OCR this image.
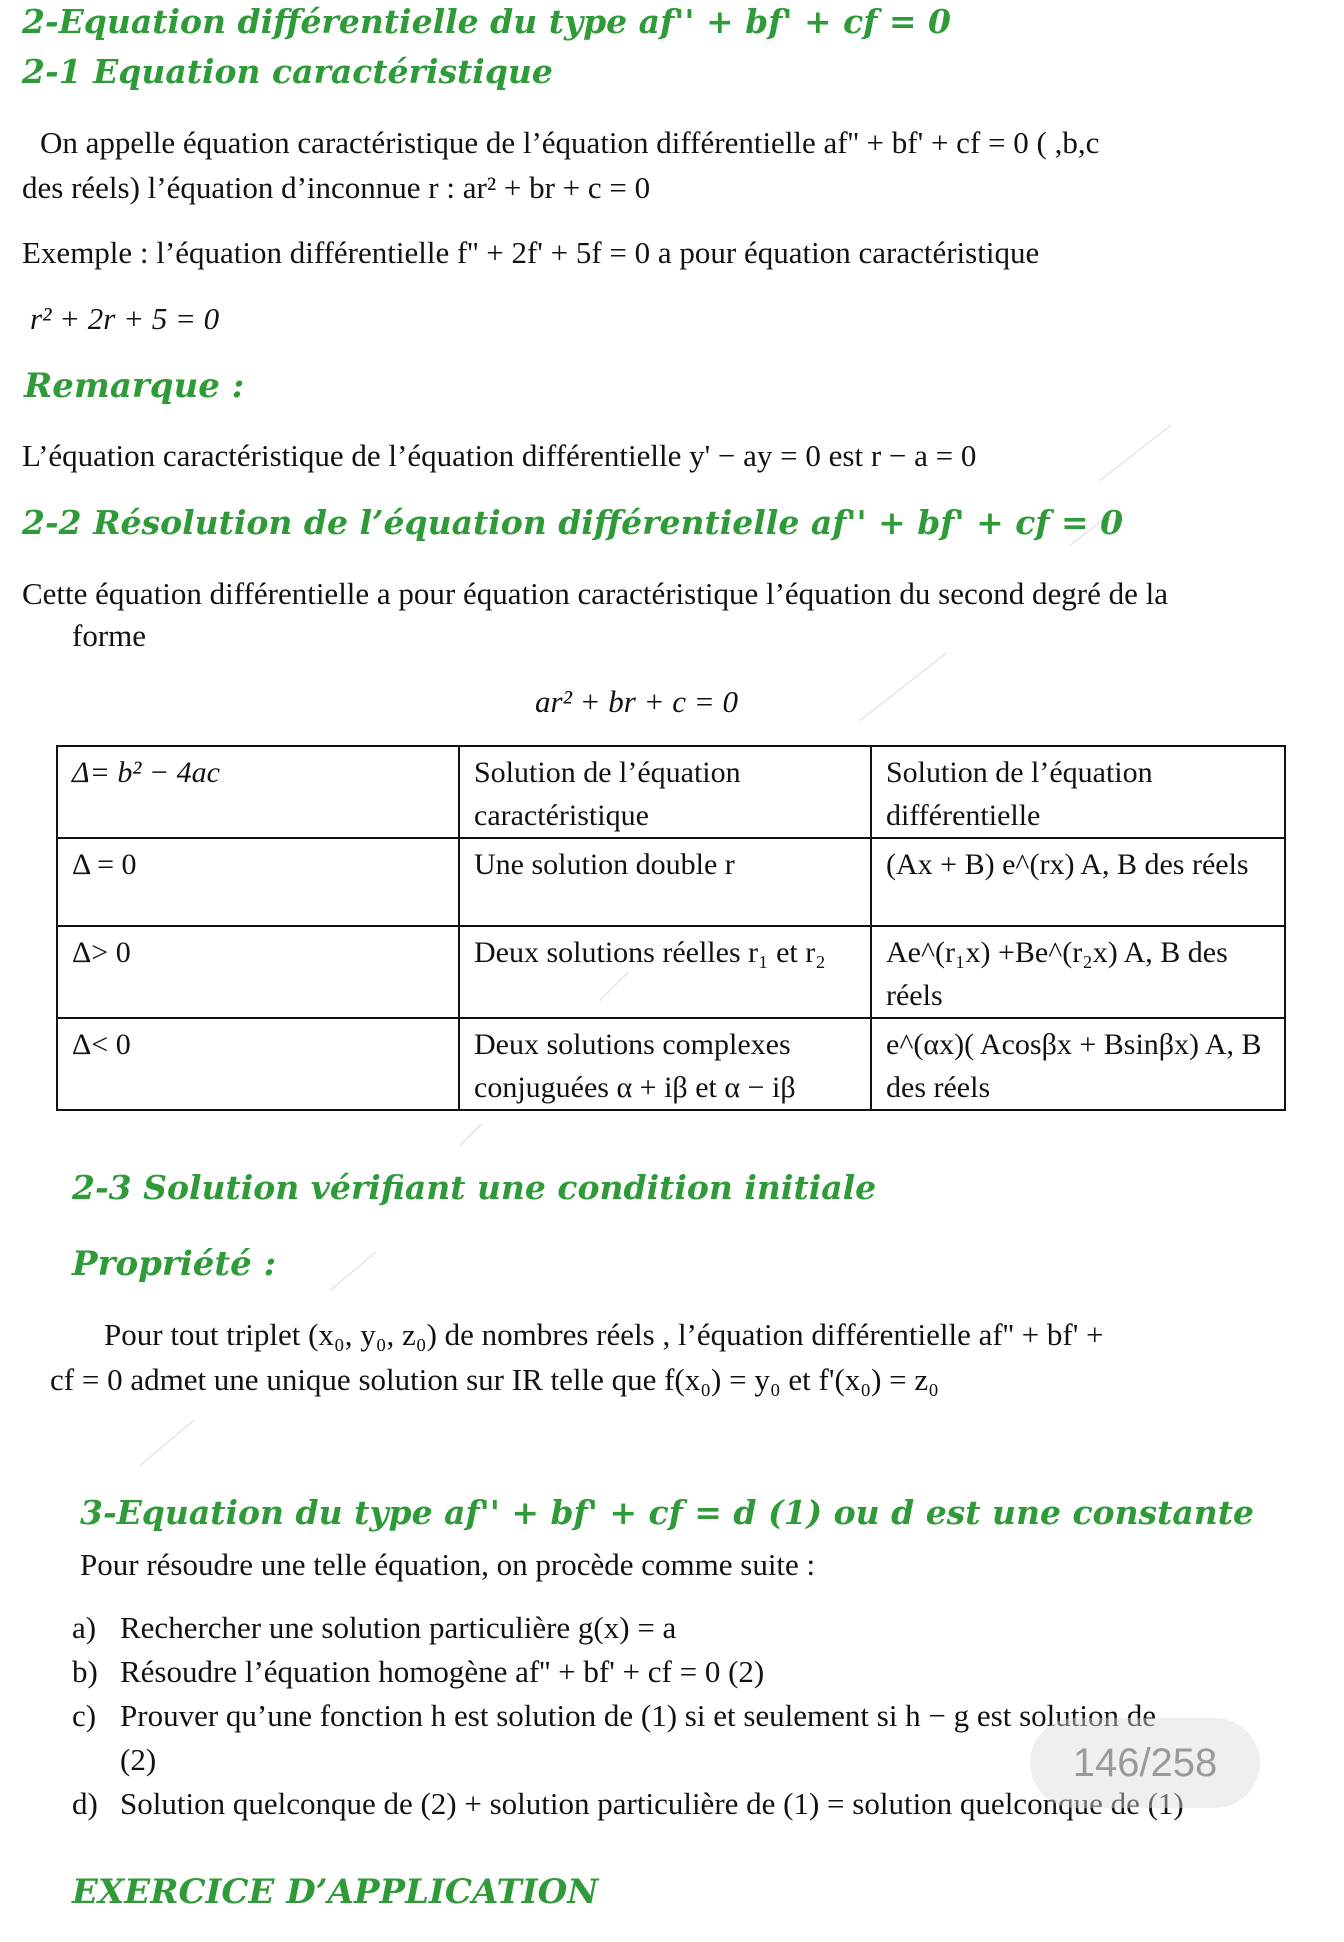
2-Equation différentielle du type af'' + bf' + cf = 0
2-1 Equation caractéristique
On appelle équation caractéristique de l’équation différentielle af'' + bf' + cf = 0 ( ,b,c
des réels) l’équation d’inconnue r : ar² + br + c = 0
Exemple : l’équation différentielle f'' + 2f' + 5f = 0 a pour équation caractéristique
r² + 2r + 5 = 0
Remarque :
L’équation caractéristique de l’équation différentielle y' − ay = 0 est r − a = 0
2-2 Résolution de l’équation différentielle af'' + bf' + cf = 0
Cette équation différentielle a pour équation caractéristique l’équation du second degré de la
forme
ar² + br + c = 0
Δ= b² − 4ac	Solution de l’équation caractéristique	Solution de l’équation différentielle
Δ = 0	Une solution double r	(Ax + B) e^(rx) A, B des réels
Δ> 0	Deux solutions réelles r₁ et r₂	Ae^(r₁x) +Be^(r₂x) A, B des réels
Δ< 0	Deux solutions complexes conjuguées α + iβ et α − iβ	e^(αx)( Acosβx + Bsinβx) A, B des réels
2-3 Solution vérifiant une condition initiale
Propriété :
Pour tout triplet (x₀, y₀, z₀) de nombres réels , l’équation différentielle af'' + bf' +
cf = 0 admet une unique solution sur IR telle que f(x₀) = y₀ et f'(x₀) = z₀
3-Equation du type af'' + bf' + cf = d (1) ou d est une constante
Pour résoudre une telle équation, on procède comme suite :
a) Rechercher une solution particulière g(x) = a
b) Résoudre l’équation homogène af'' + bf' + cf = 0 (2)
c) Prouver qu’une fonction h est solution de (1) si et seulement si h − g est solution de
(2)
d) Solution quelconque de (2) + solution particulière de (1) = solution quelconque de (1)
EXERCICE D’APPLICATION
146/258
